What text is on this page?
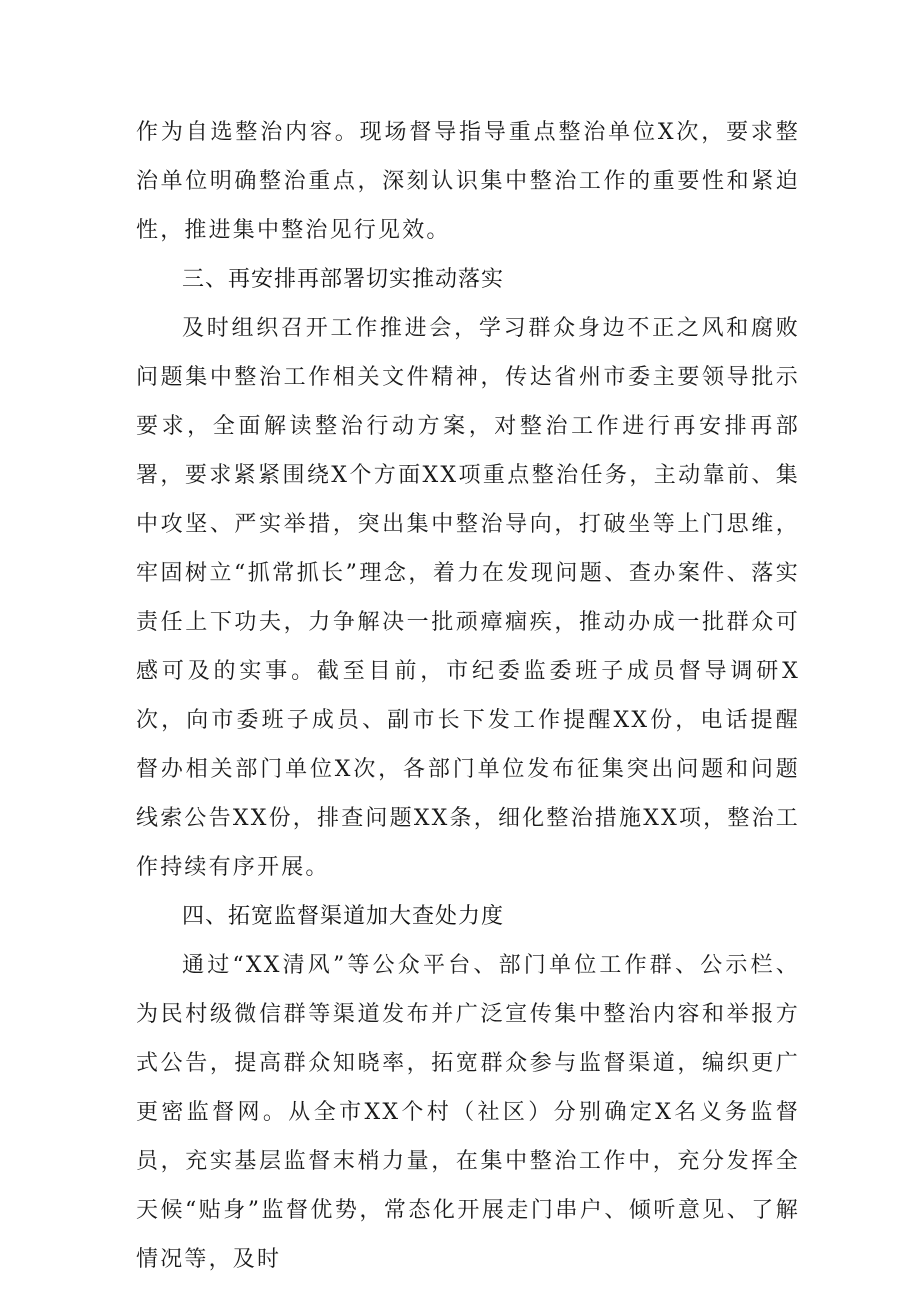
作为自选整治内容。现场督导指导重点整治单位X次，要求整治单位明确整治重点，深刻认识集中整治工作的重要性和紧迫性，推进集中整治见行见效。

三、再安排再部署切实推动落实

及时组织召开工作推进会，学习群众身边不正之风和腐败问题集中整治工作相关文件精神，传达省州市委主要领导批示要求，全面解读整治行动方案，对整治工作进行再安排再部署，要求紧紧围绕X个方面XX项重点整治任务，主动靠前、集中攻坚、严实举措，突出集中整治导向，打破坐等上门思维，牢固树立“抓常抓长”理念，着力在发现问题、查办案件、落实责任上下功夫，力争解决一批顽瘴痼疾，推动办成一批群众可感可及的实事。截至目前，市纪委监委班子成员督导调研X次，向市委班子成员、副市长下发工作提醒XX份，电话提醒督办相关部门单位X次，各部门单位发布征集突出问题和问题线索公告XX份，排查问题XX条，细化整治措施XX项，整治工作持续有序开展。

四、拓宽监督渠道加大查处力度

通过“XX清风”等公众平台、部门单位工作群、公示栏、为民村级微信群等渠道发布并广泛宣传集中整治内容和举报方式公告，提高群众知晓率，拓宽群众参与监督渠道，编织更广更密监督网。从全市XX个村（社区）分别确定X名义务监督员，充实基层监督末梢力量，在集中整治工作中，充分发挥全天候“贴身”监督优势，常态化开展走门串户、倾听意见、了解情况等，及时
